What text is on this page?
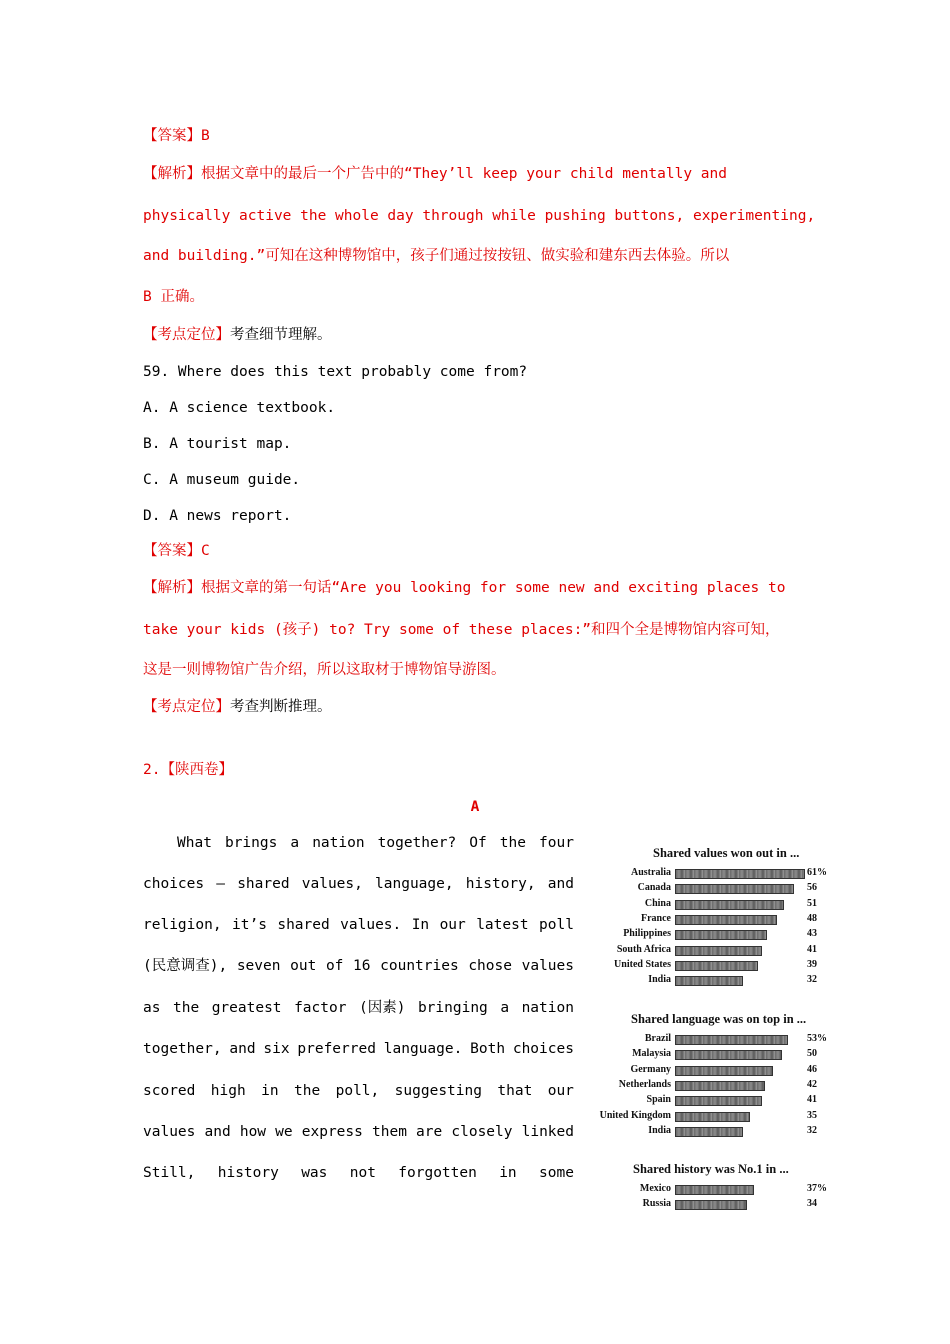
【答案】B
【解析】根据文章中的最后一个广告中的“They’ll keep your child mentally and
physically active the whole day through while pushing buttons, experimenting,
and building.”可知在这种博物馆中，孩子们通过按按钮、做实验和建东西去体验。所以
B 正确。
【考点定位】考查细节理解。
59. Where does this text probably come from?
A. A science textbook.
B. A tourist map.
C. A museum guide.
D. A news report.
【答案】C
【解析】根据文章的第一句话“Are you looking for some new and exciting places to
take your kids (孩子) to? Try some of these places:”和四个全是博物馆内容可知，
这是一则博物馆广告介绍，所以这取材于博物馆导游图。
【考点定位】考查判断推理。
2.【陕西卷】
A
What brings a nation together? Of the four
choices — shared values, language, history, and
religion, it’s shared values. In our latest poll
(民意调查), seven out of 16 countries chose values
as the greatest factor (因素) bringing a nation
together, and six preferred language. Both choices
scored high in the poll, suggesting that our
values and how we express them are closely linked
Still, history was not forgotten in some
Shared values won out in ...
Australia	61%
Canada	56
China	51
France	48
Philippines	43
South Africa	41
United States	39
India	32
Shared language was on top in ...
Brazil	53%
Malaysia	50
Germany	46
Netherlands	42
Spain	41
United Kingdom	35
India	32
Shared history was No.1 in ...
Mexico	37%
Russia	34
